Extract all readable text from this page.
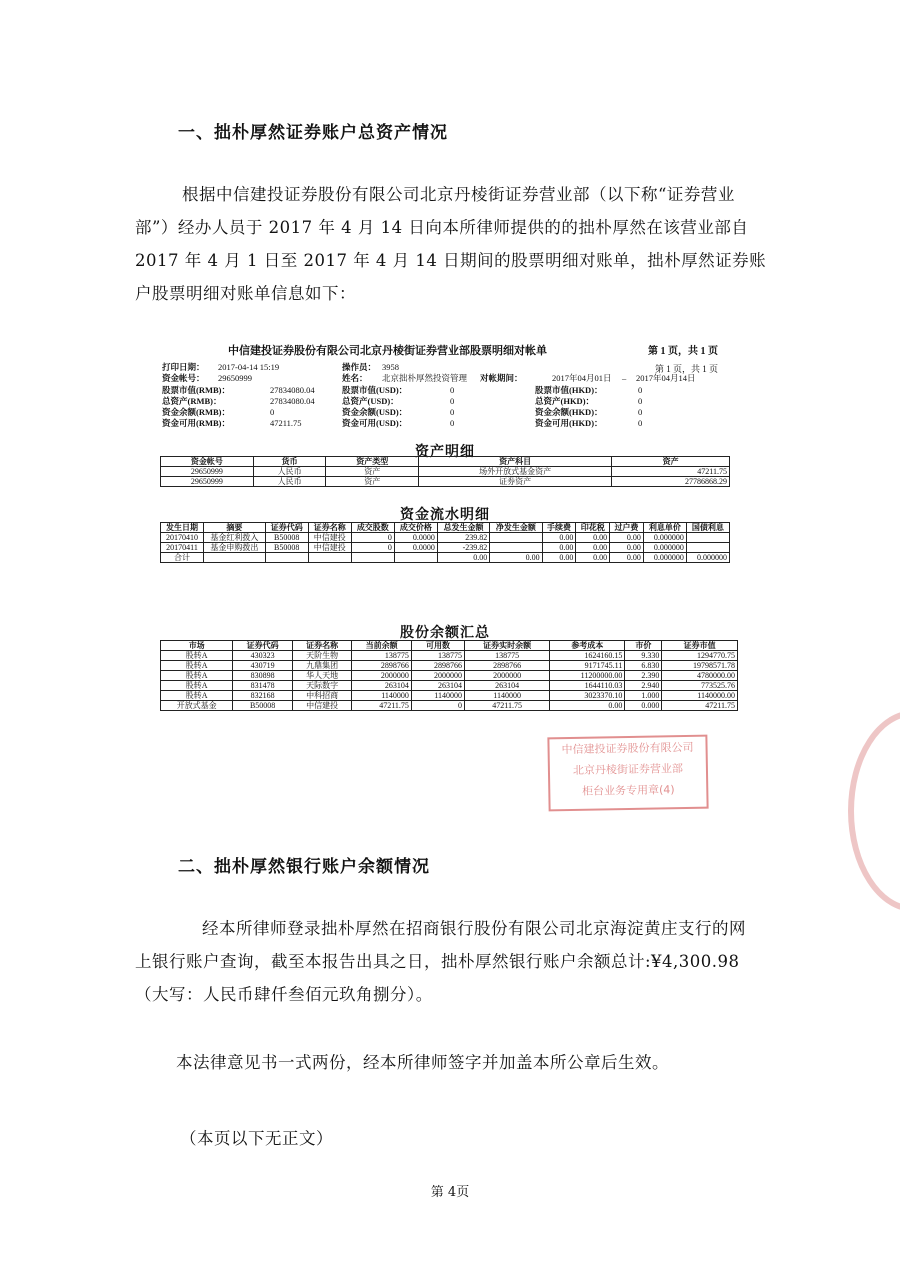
一、拙朴厚然证券账户总资产情况

根据中信建投证券股份有限公司北京丹棱街证券营业部（以下称“证券营业

部”）经办人员于 2017 年 4 月 14 日向本所律师提供的的拙朴厚然在该营业部自

2017 年 4 月 1 日至 2017 年 4 月 14 日期间的股票明细对账单，拙朴厚然证券账

户股票明细对账单信息如下：

中信建投证券股份有限公司北京丹棱街证券营业部股票明细对帐单	第 1 页，共 1 页
第 1 页，共 1 页
打印日期： 2017-04-14 15:19	操作员： 3958
资金帐号： 29650999	姓名： 北京拙朴厚然投资管理 对帐期间：	2017年04月01日 – 2017年04月14日
股票市值(RMB)：	27834080.04	股票市值(USD)：	0	股票市值(HKD)：	0
总资产(RMB)：	27834080.04	总资产(USD)：	0	总资产(HKD)：	0
资金余额(RMB)：	0	资金余额(USD)：	0	资金余额(HKD)：	0
资金可用(RMB)：	47211.75	资金可用(USD)：	0	资金可用(HKD)：	0
资产明细
资金帐号	货币	资产类型	资产科目	资产
29650999	人民币	资产	场外开放式基金资产	47211.75
29650999	人民币	资产	证券资产	27786868.29
资金流水明细
发生日期	摘要	证券代码	证券名称	成交股数	成交价格	总发生金额	净发生金额	手续费	印花税	过户费	利息单价	国债利息
20170410	基金红利拨入	B50008	中信建投	0	0.0000	239.82		0.00	0.00	0.00	0.000000	
20170411	基金申购拨出	B50008	中信建投	0	0.0000	-239.82		0.00	0.00	0.00	0.000000	
合计						0.00	0.00	0.00	0.00	0.00	0.000000	0.000000
股份余额汇总
市场	证券代码	证券名称	当前余额	可用数	证券实时余额	参考成本	市价	证券市值
股转A	430323	天阶生物	138775	138775	138775	1624160.15	9.330	1294770.75
股转A	430719	九鼎集团	2898766	2898766	2898766	9171745.11	6.830	19798571.78
股转A	830898	华人天地	2000000	2000000	2000000	11200000.00	2.390	4780000.00
股转A	831478	天际数字	263104	263104	263104	1644110.03	2.940	773525.76
股转A	832168	中科招商	1140000	1140000	1140000	3023370.10	1.000	1140000.00
开放式基金	B50008	中信建投	47211.75	0	47211.75	0.00	0.000	47211.75
中信建投证券股份有限公司
北京丹棱街证券营业部
柜台业务专用章(4)
二、拙朴厚然银行账户余额情况

经本所律师登录拙朴厚然在招商银行股份有限公司北京海淀黄庄支行的网

上银行账户查询，截至本报告出具之日，拙朴厚然银行账户余额总计:¥4,300.98

（大写：人民币肆仟叁佰元玖角捌分）。

本法律意见书一式两份，经本所律师签字并加盖本所公章后生效。
（本页以下无正文）
第 4页
